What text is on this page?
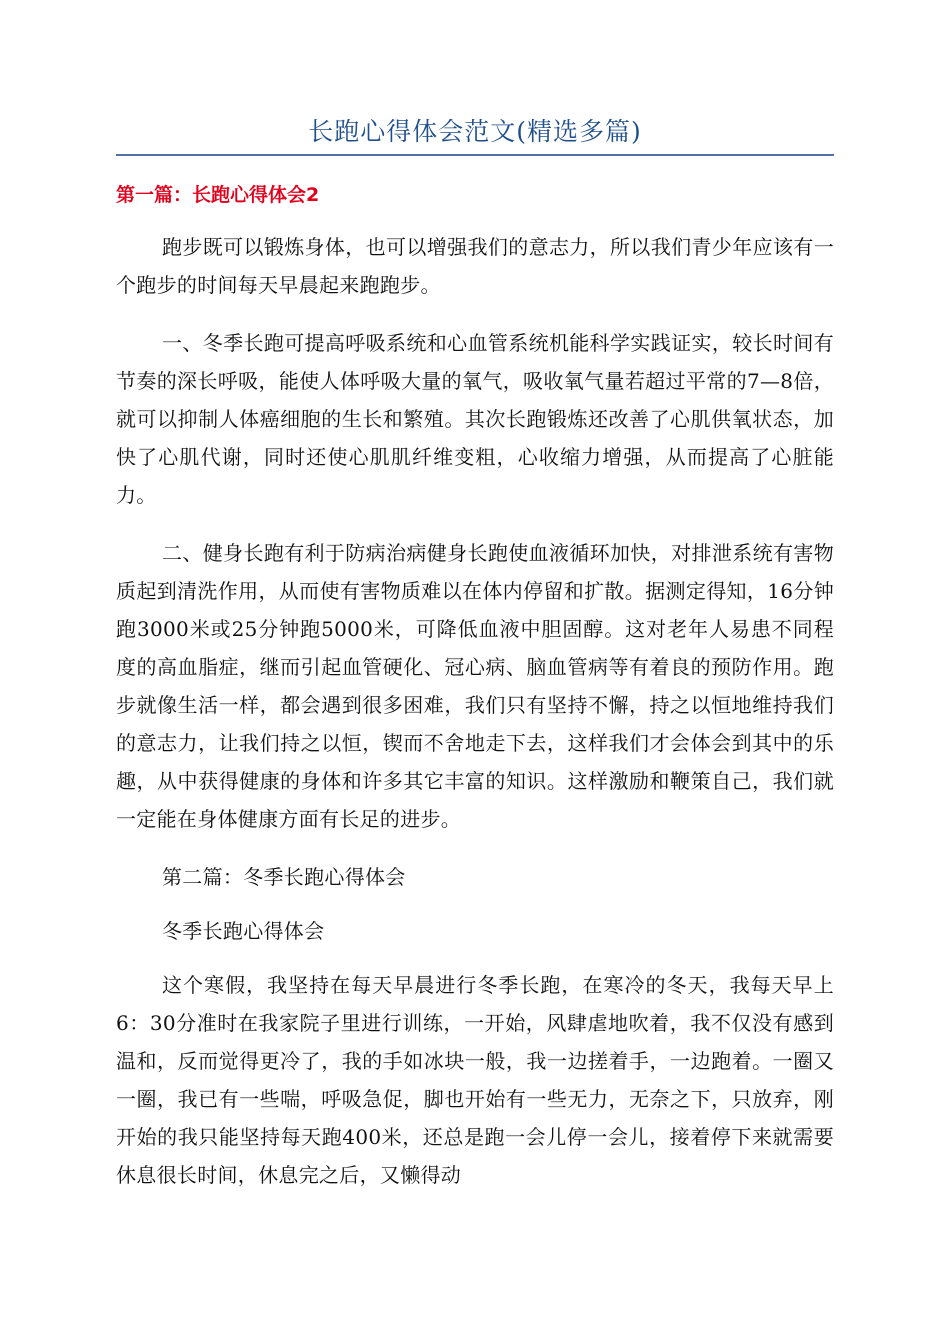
长跑心得体会范文(精选多篇)
第一篇：长跑心得体会2

跑步既可以锻炼身体，也可以增强我们的意志力，所以我们青少年应该有一个跑步的时间每天早晨起来跑跑步。

一、冬季长跑可提高呼吸系统和心血管系统机能科学实践证实，较长时间有节奏的深长呼吸，能使人体呼吸大量的氧气，吸收氧气量若超过平常的7—8倍，就可以抑制人体癌细胞的生长和繁殖。其次长跑锻炼还改善了心肌供氧状态，加快了心肌代谢，同时还使心肌肌纤维变粗，心收缩力增强，从而提高了心脏能力。

二、健身长跑有利于防病治病健身长跑使血液循环加快，对排泄系统有害物质起到清洗作用，从而使有害物质难以在体内停留和扩散。据测定得知，16分钟跑3000米或25分钟跑5000米，可降低血液中胆固醇。这对老年人易患不同程度的高血脂症，继而引起血管硬化、冠心病、脑血管病等有着良的预防作用。跑步就像生活一样，都会遇到很多困难，我们只有坚持不懈，持之以恒地维持我们的意志力，让我们持之以恒，锲而不舍地走下去，这样我们才会体会到其中的乐趣，从中获得健康的身体和许多其它丰富的知识。这样激励和鞭策自己，我们就一定能在身体健康方面有长足的进步。

第二篇：冬季长跑心得体会

冬季长跑心得体会

这个寒假，我坚持在每天早晨进行冬季长跑，在寒冷的冬天，我每天早上6：30分准时在我家院子里进行训练，一开始，风肆虐地吹着，我不仅没有感到温和，反而觉得更冷了，我的手如冰块一般，我一边搓着手，一边跑着。一圈又一圈，我已有一些喘，呼吸急促，脚也开始有一些无力，无奈之下，只放弃，刚开始的我只能坚持每天跑400米，还总是跑一会儿停一会儿，接着停下来就需要休息很长时间，休息完之后，又懒得动
